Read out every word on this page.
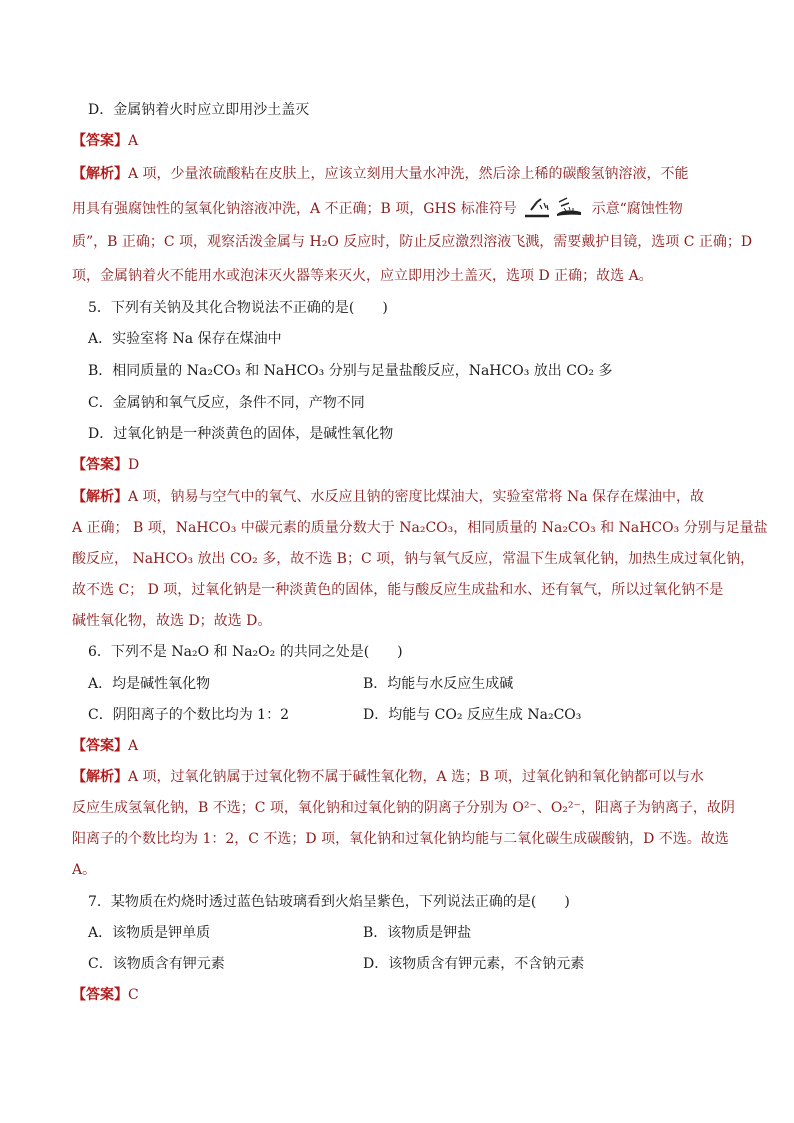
D．金属钠着火时应立即用沙土盖灭
【答案】A
【解析】A 项，少量浓硫酸粘在皮肤上，应该立刻用大量水冲洗，然后涂上稀的碳酸氢钠溶液，不能
用具有强腐蚀性的氢氧化钠溶液冲洗，A 不正确；B 项，GHS 标准符号	示意“腐蚀性物
质”，B 正确；C 项，观察活泼金属与 H₂O 反应时，防止反应激烈溶液飞溅，需要戴护目镜，选项 C 正确；D
项，金属钠着火不能用水或泡沫灭火器等来灭火，应立即用沙土盖灭，选项 D 正确；故选 A。
5．下列有关钠及其化合物说法不正确的是(　　)
A．实验室将 Na 保存在煤油中
B．相同质量的 Na₂CO₃ 和 NaHCO₃ 分别与足量盐酸反应，NaHCO₃ 放出 CO₂ 多
C．金属钠和氧气反应，条件不同，产物不同
D．过氧化钠是一种淡黄色的固体，是碱性氧化物
【答案】D
【解析】A 项，钠易与空气中的氧气、水反应且钠的密度比煤油大，实验室常将 Na 保存在煤油中，故
A 正确； B 项，NaHCO₃ 中碳元素的质量分数大于 Na₂CO₃，相同质量的 Na₂CO₃ 和 NaHCO₃ 分别与足量盐
酸反应， NaHCO₃ 放出 CO₂ 多，故不选 B；C 项，钠与氧气反应，常温下生成氧化钠，加热生成过氧化钠，
故不选 C； D 项，过氧化钠是一种淡黄色的固体，能与酸反应生成盐和水、还有氧气，所以过氧化钠不是
碱性氧化物，故选 D；故选 D。
6．下列不是 Na₂O 和 Na₂O₂ 的共同之处是(　　)
A．均是碱性氧化物	B．均能与水反应生成碱
C．阴阳离子的个数比均为 1：2	D．均能与 CO₂ 反应生成 Na₂CO₃
【答案】A
【解析】A 项，过氧化钠属于过氧化物不属于碱性氧化物，A 选；B 项，过氧化钠和氧化钠都可以与水
反应生成氢氧化钠，B 不选；C 项，氧化钠和过氧化钠的阴离子分别为 O²⁻、O₂²⁻，阳离子为钠离子，故阴
阳离子的个数比均为 1：2，C 不选；D 项，氧化钠和过氧化钠均能与二氧化碳生成碳酸钠，D 不选。故选
A。
7．某物质在灼烧时透过蓝色钴玻璃看到火焰呈紫色，下列说法正确的是(　　)
A．该物质是钾单质	B．该物质是钾盐
C．该物质含有钾元素	D．该物质含有钾元素，不含钠元素
【答案】C
